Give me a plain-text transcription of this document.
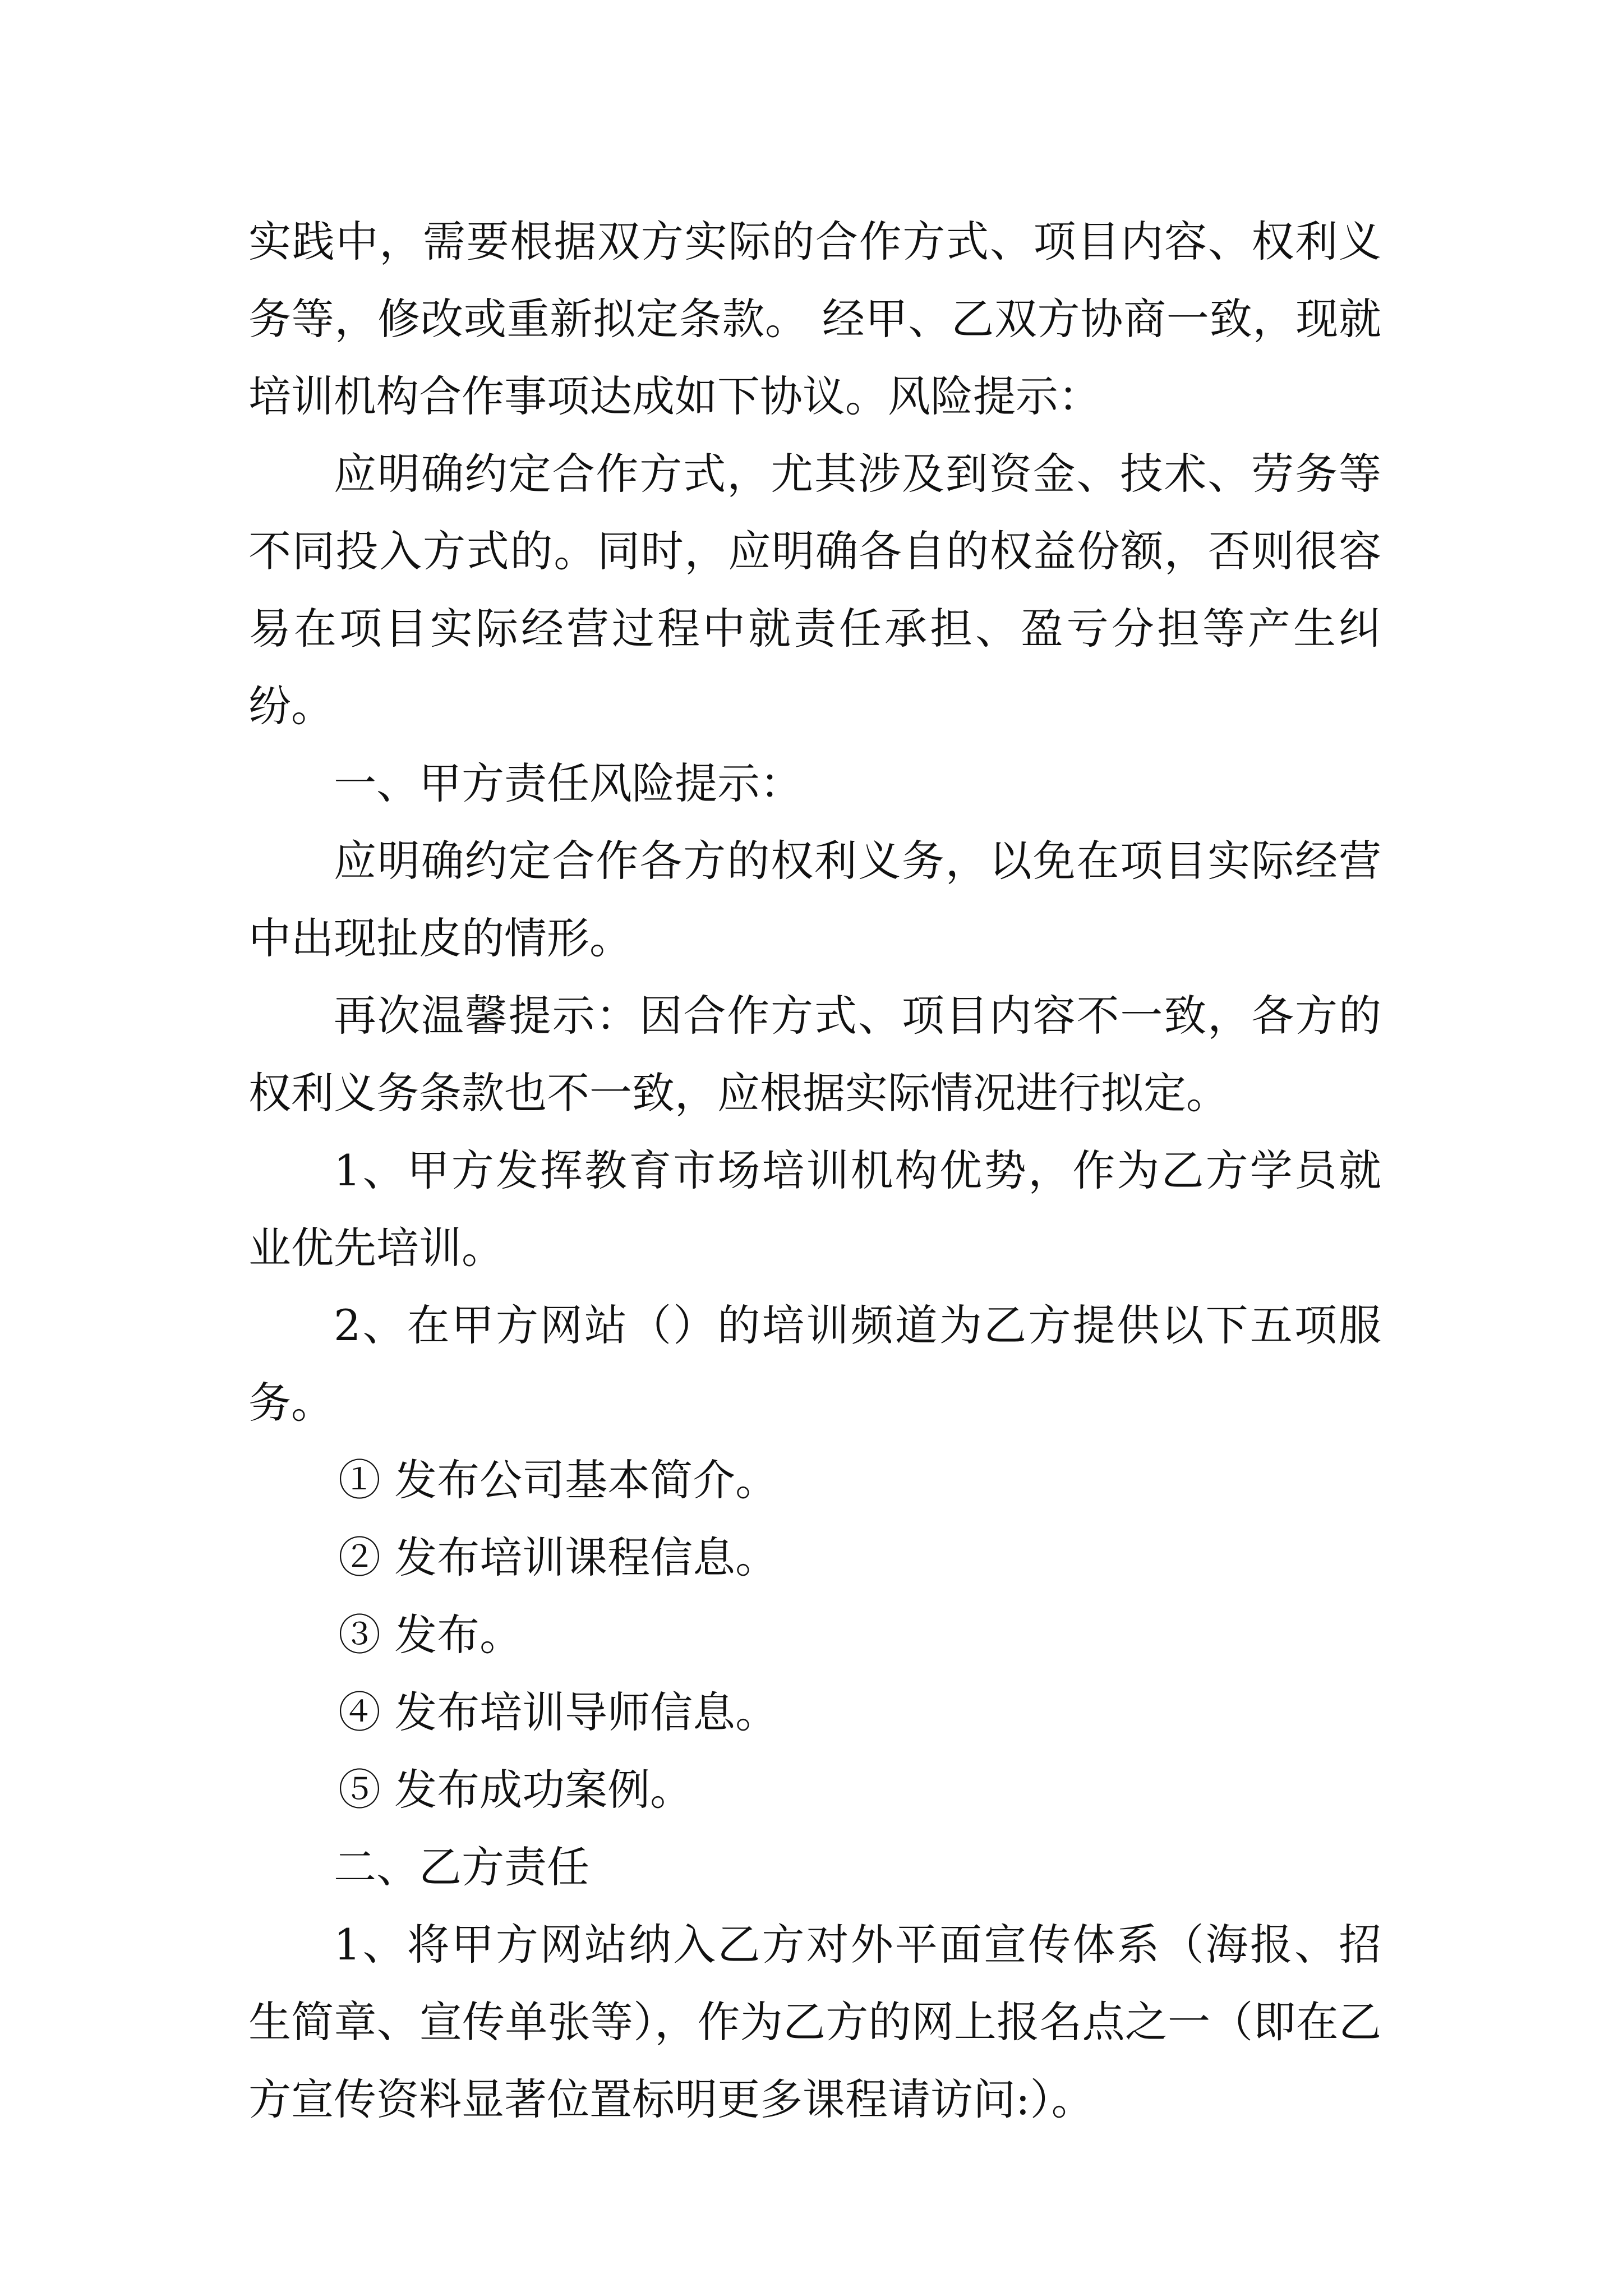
实践中，需要根据双方实际的合作方式、项目内容、权利义务等，修改或重新拟定条款。 经甲、乙双方协商一致，现就培训机构合作事项达成如下协议。风险提示：

应明确约定合作方式，尤其涉及到资金、技术、劳务等不同投入方式的。同时，应明确各自的权益份额，否则很容易在项目实际经营过程中就责任承担、盈亏分担等产生纠纷。

一、甲方责任风险提示：

应明确约定合作各方的权利义务，以免在项目实际经营中出现扯皮的情形。

再次温馨提示：因合作方式、项目内容不一致，各方的权利义务条款也不一致，应根据实际情况进行拟定。

1、甲方发挥教育市场培训机构优势，作为乙方学员就业优先培训。

2、在甲方网站（）的培训频道为乙方提供以下五项服务。

① 发布公司基本简介。

② 发布培训课程信息。

③ 发布。

④ 发布培训导师信息。

⑤ 发布成功案例。

二、乙方责任

1、将甲方网站纳入乙方对外平面宣传体系（海报、招生简章、宣传单张等），作为乙方的网上报名点之一（即在乙方宣传资料显著位置标明更多课程请访问:）。
